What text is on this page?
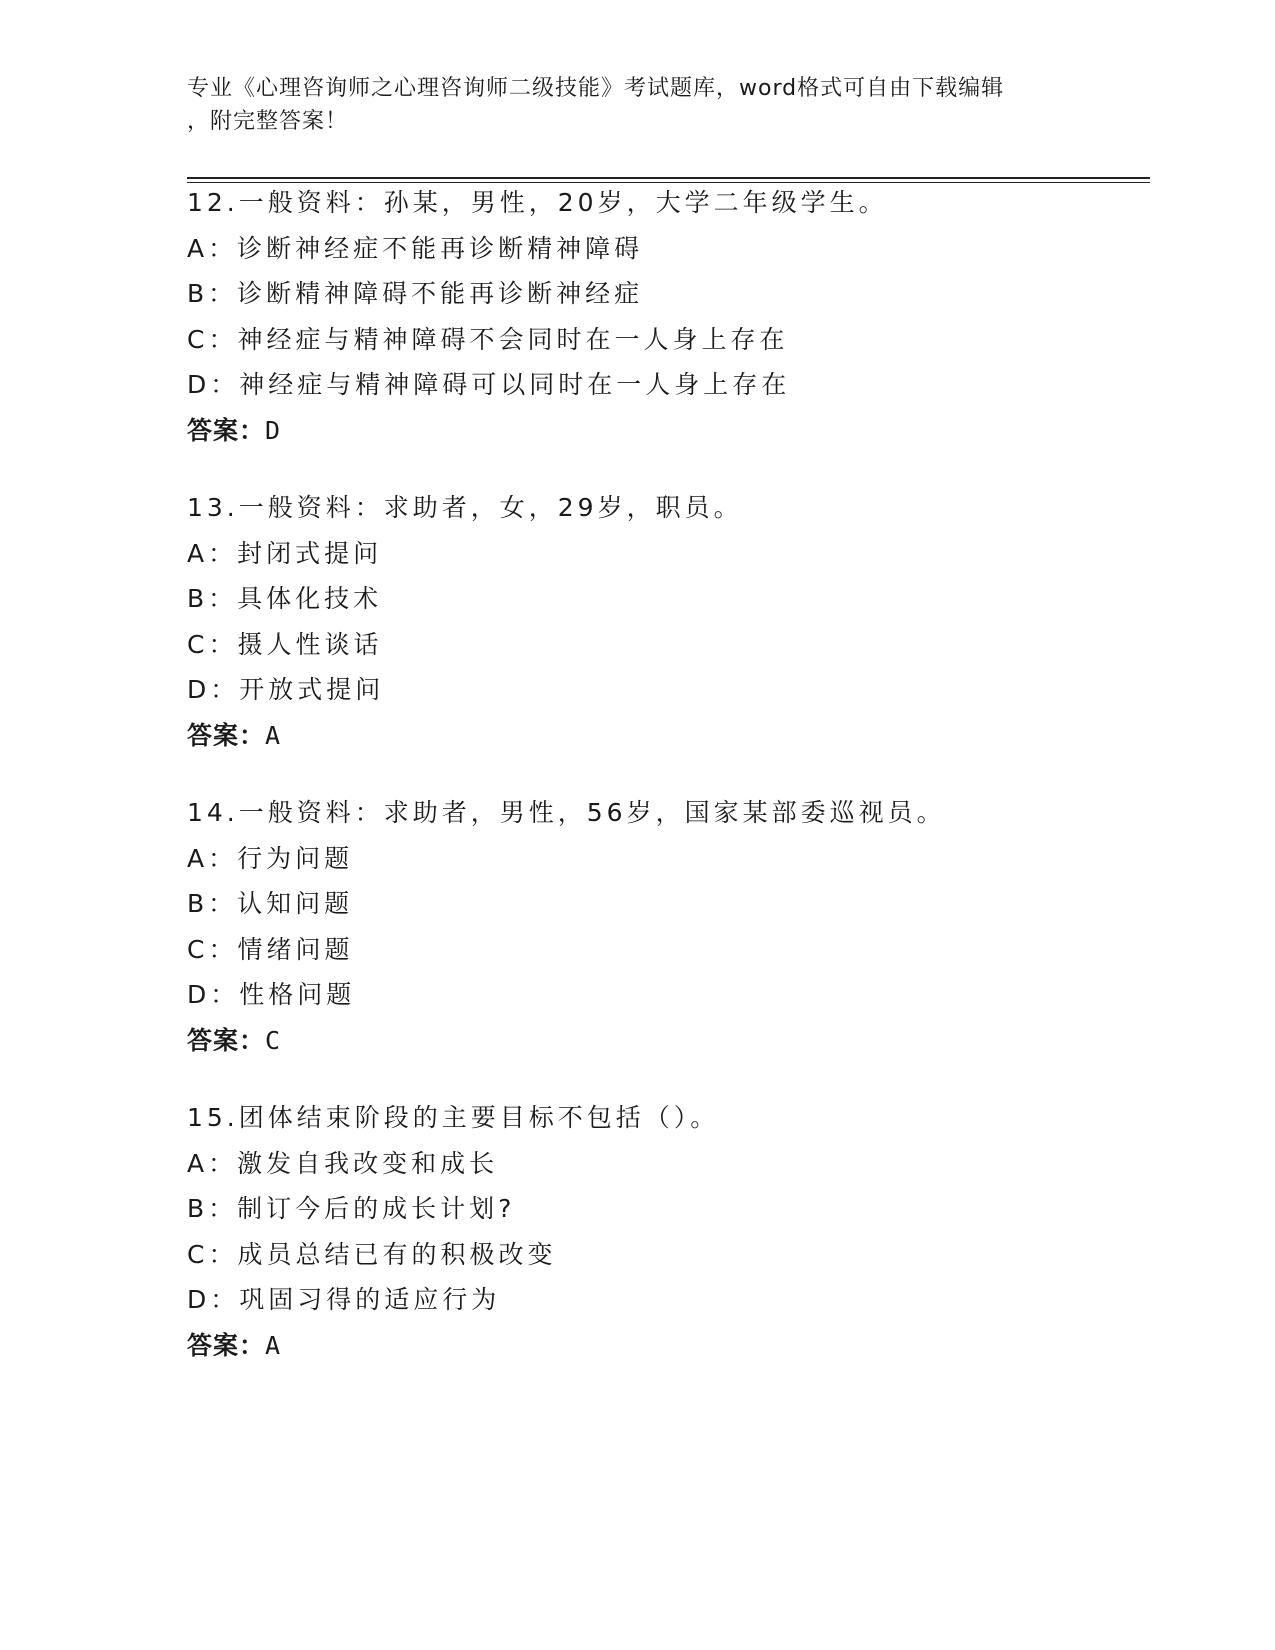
专业《心理咨询师之心理咨询师二级技能》考试题库，word格式可自由下载编辑
，附完整答案！
12.一般资料：孙某，男性，20岁，大学二年级学生。
A：诊断神经症不能再诊断精神障碍
B：诊断精神障碍不能再诊断神经症
C：神经症与精神障碍不会同时在一人身上存在
D：神经症与精神障碍可以同时在一人身上存在
答案：D
13.一般资料：求助者，女，29岁，职员。
A：封闭式提问
B：具体化技术
C：摄人性谈话
D：开放式提问
答案：A
14.一般资料：求助者，男性，56岁，国家某部委巡视员。
A：行为问题
B：认知问题
C：情绪问题
D：性格问题
答案：C
15.团体结束阶段的主要目标不包括（）。
A：激发自我改变和成长
B：制订今后的成长计划?
C：成员总结已有的积极改变
D：巩固习得的适应行为
答案：A
